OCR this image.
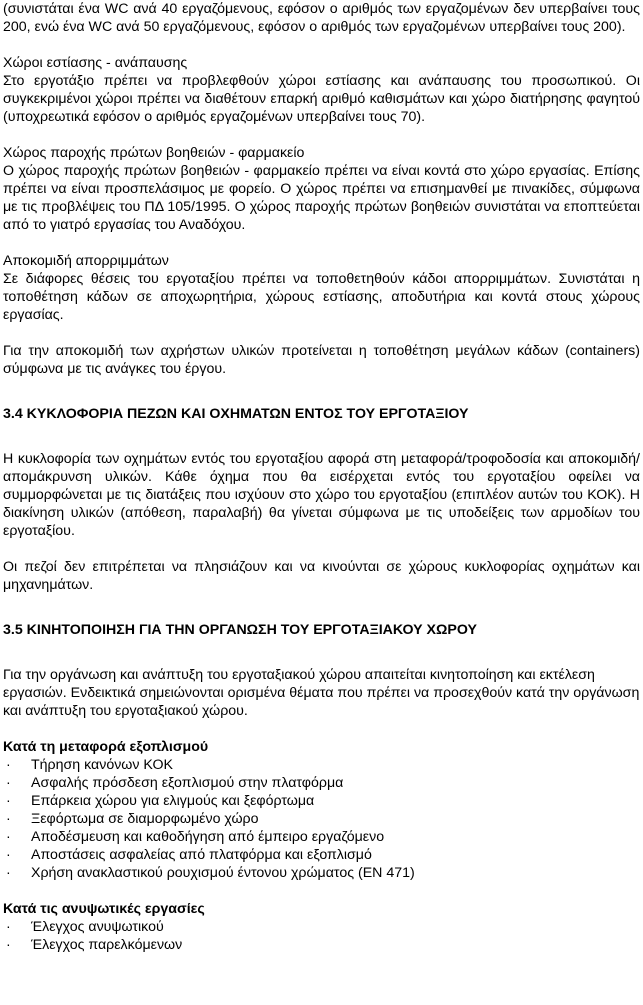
(συνιστάται ένα WC ανά 40 εργαζόμενους, εφόσον ο αριθμός των εργαζομένων δεν υπερβαίνει τους 200, ενώ ένα WC ανά 50 εργαζόμενους, εφόσον ο αριθμός των εργαζομένων υπερβαίνει τους 200).

Χώροι εστίασης - ανάπαυσης

Στο εργοτάξιο πρέπει να προβλεφθούν χώροι εστίασης και ανάπαυσης του προσωπικού. Οι συγκεκριμένοι χώροι πρέπει να διαθέτουν επαρκή αριθμό καθισμάτων και χώρο διατήρησης φαγητού (υποχρεωτικά εφόσον ο αριθμός εργαζομένων υπερβαίνει τους 70).

Χώρος παροχής πρώτων βοηθειών - φαρμακείο

Ο χώρος παροχής πρώτων βοηθειών - φαρμακείο πρέπει να είναι κοντά στο χώρο εργασίας. Επίσης πρέπει να είναι προσπελάσιμος με φορείο. Ο χώρος πρέπει να επισημανθεί με πινακίδες, σύμφωνα με τις προβλέψεις του ΠΔ 105/1995. Ο χώρος παροχής πρώτων βοηθειών συνιστάται να εποπτεύεται από το γιατρό εργασίας του Αναδόχου.

Αποκομιδή απορριμμάτων

Σε διάφορες θέσεις του εργοταξίου πρέπει να τοποθετηθούν κάδοι απορριμμάτων. Συνιστάται η τοποθέτηση κάδων σε αποχωρητήρια, χώρους εστίασης, αποδυτήρια και κοντά στους χώρους εργασίας.

Για την αποκομιδή των αχρήστων υλικών προτείνεται η τοποθέτηση μεγάλων κάδων (containers) σύμφωνα με τις ανάγκες του έργου.

3.4 ΚΥΚΛΟΦΟΡΙΑ ΠΕΖΩΝ ΚΑΙ ΟΧΗΜΑΤΩΝ ΕΝΤΟΣ ΤΟΥ ΕΡΓΟΤΑΞΙΟΥ

Η κυκλοφορία των οχημάτων εντός του εργοταξίου αφορά στη μεταφορά/τροφοδοσία και αποκομιδή/απομάκρυνση υλικών. Κάθε όχημα που θα εισέρχεται εντός του εργοταξίου οφείλει να συμμορφώνεται με τις διατάξεις που ισχύουν στο χώρο του εργοταξίου (επιπλέον αυτών του ΚΟΚ). Η διακίνηση υλικών (απόθεση, παραλαβή) θα γίνεται σύμφωνα με τις υποδείξεις των αρμοδίων του εργοταξίου.

Οι πεζοί δεν επιτρέπεται να πλησιάζουν και να κινούνται σε χώρους κυκλοφορίας οχημάτων και μηχανημάτων.

3.5 ΚΙΝΗΤΟΠΟΙΗΣΗ ΓΙΑ ΤΗΝ ΟΡΓΑΝΩΣΗ ΤΟΥ ΕΡΓΟΤΑΞΙΑΚΟΥ ΧΩΡΟΥ

Για την οργάνωση και ανάπτυξη του εργοταξιακού χώρου απαιτείται κινητοποίηση και εκτέλεση εργασιών. Ενδεικτικά σημειώνονται ορισμένα θέματα που πρέπει να προσεχθούν κατά την οργάνωση και ανάπτυξη του εργοταξιακού χώρου.

Κατά τη μεταφορά εξοπλισμού

· Τήρηση κανόνων ΚΟΚ
· Ασφαλής πρόσδεση εξοπλισμού στην πλατφόρμα
· Επάρκεια χώρου για ελιγμούς και ξεφόρτωμα
· Ξεφόρτωμα σε διαμορφωμένο χώρο
· Αποδέσμευση και καθοδήγηση από έμπειρο εργαζόμενο
· Αποστάσεις ασφαλείας από πλατφόρμα και εξοπλισμό
· Χρήση ανακλαστικού ρουχισμού έντονου χρώματος (EN 471)

Κατά τις ανυψωτικές εργασίες

· Έλεγχος ανυψωτικού
· Έλεγχος παρελκόμενων
